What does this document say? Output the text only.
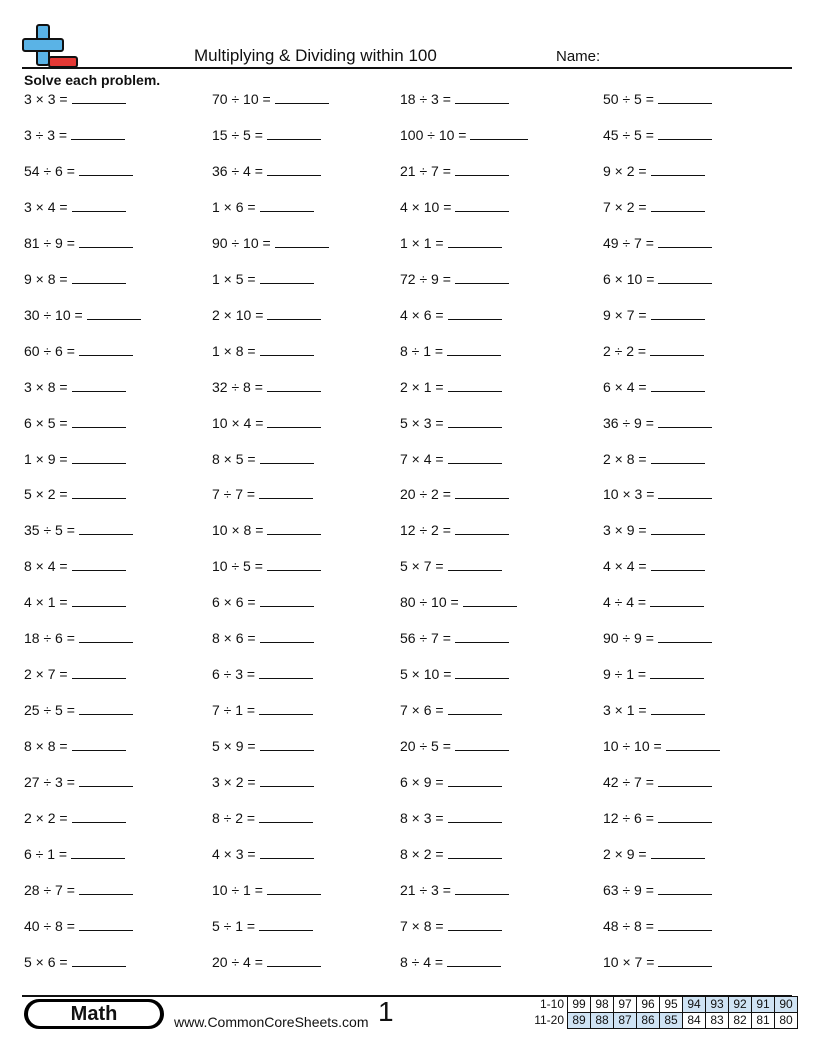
Multiplying & Dividing within 100	Name:
Solve each problem.
3 × 3 =	70 ÷ 10 =	18 ÷ 3 =	50 ÷ 5 =
3 ÷ 3 =	15 ÷ 5 =	100 ÷ 10 =	45 ÷ 5 =
54 ÷ 6 =	36 ÷ 4 =	21 ÷ 7 =	9 × 2 =
3 × 4 =	1 × 6 =	4 × 10 =	7 × 2 =
81 ÷ 9 =	90 ÷ 10 =	1 × 1 =	49 ÷ 7 =
9 × 8 =	1 × 5 =	72 ÷ 9 =	6 × 10 =
30 ÷ 10 =	2 × 10 =	4 × 6 =	9 × 7 =
60 ÷ 6 =	1 × 8 =	8 ÷ 1 =	2 ÷ 2 =
3 × 8 =	32 ÷ 8 =	2 × 1 =	6 × 4 =
6 × 5 =	10 × 4 =	5 × 3 =	36 ÷ 9 =
1 × 9 =	8 × 5 =	7 × 4 =	2 × 8 =
5 × 2 =	7 ÷ 7 =	20 ÷ 2 =	10 × 3 =
35 ÷ 5 =	10 × 8 =	12 ÷ 2 =	3 × 9 =
8 × 4 =	10 ÷ 5 =	5 × 7 =	4 × 4 =
4 × 1 =	6 × 6 =	80 ÷ 10 =	4 ÷ 4 =
18 ÷ 6 =	8 × 6 =	56 ÷ 7 =	90 ÷ 9 =
2 × 7 =	6 ÷ 3 =	5 × 10 =	9 ÷ 1 =
25 ÷ 5 =	7 ÷ 1 =	7 × 6 =	3 × 1 =
8 × 8 =	5 × 9 =	20 ÷ 5 =	10 ÷ 10 =
27 ÷ 3 =	3 × 2 =	6 × 9 =	42 ÷ 7 =
2 × 2 =	8 ÷ 2 =	8 × 3 =	12 ÷ 6 =
6 ÷ 1 =	4 × 3 =	8 × 2 =	2 × 9 =
28 ÷ 7 =	10 ÷ 1 =	21 ÷ 3 =	63 ÷ 9 =
40 ÷ 8 =	5 ÷ 1 =	7 × 8 =	48 ÷ 8 =
5 × 6 =	20 ÷ 4 =	8 ÷ 4 =	10 × 7 =
Math	www.CommonCoreSheets.com 1	1-10	99	98	97	96	95	94	93	92	91	90
11-20	89	88	87	86	85	84	83	82	81	80
